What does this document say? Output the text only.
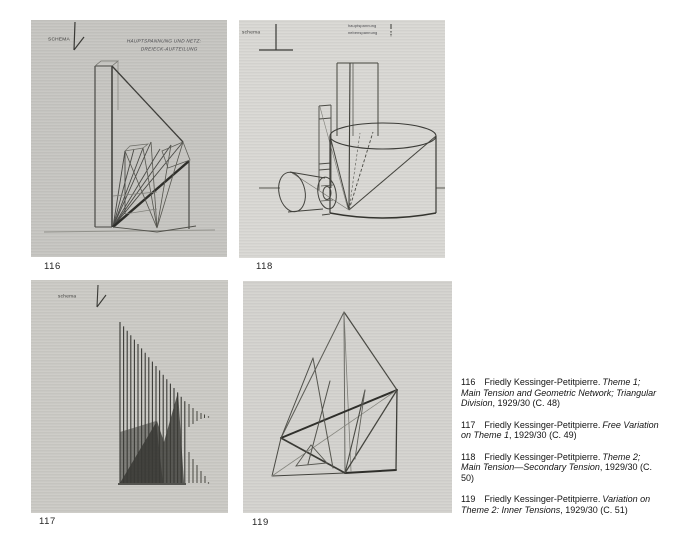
SCHEMA	HAUPTSPANNUNG UND NETZ:
DREIECK-AUFTEILUNG
schema
hauptspannung
nebenspannung
schema
116	118
117	119

116 Friedly Kessinger-Petitpierre. Theme 1; Main Tension and Geometric Network; Triangular Division, 1929/30 (C. 48)

117 Friedly Kessinger-Petitpierre. Free Variation on Theme 1, 1929/30 (C. 49)

118 Friedly Kessinger-Petitpierre. Theme 2; Main Tension—Secondary Tension, 1929/30 (C. 50)

119 Friedly Kessinger-Petitpierre. Variation on Theme 2: Inner Tensions, 1929/30 (C. 51)
